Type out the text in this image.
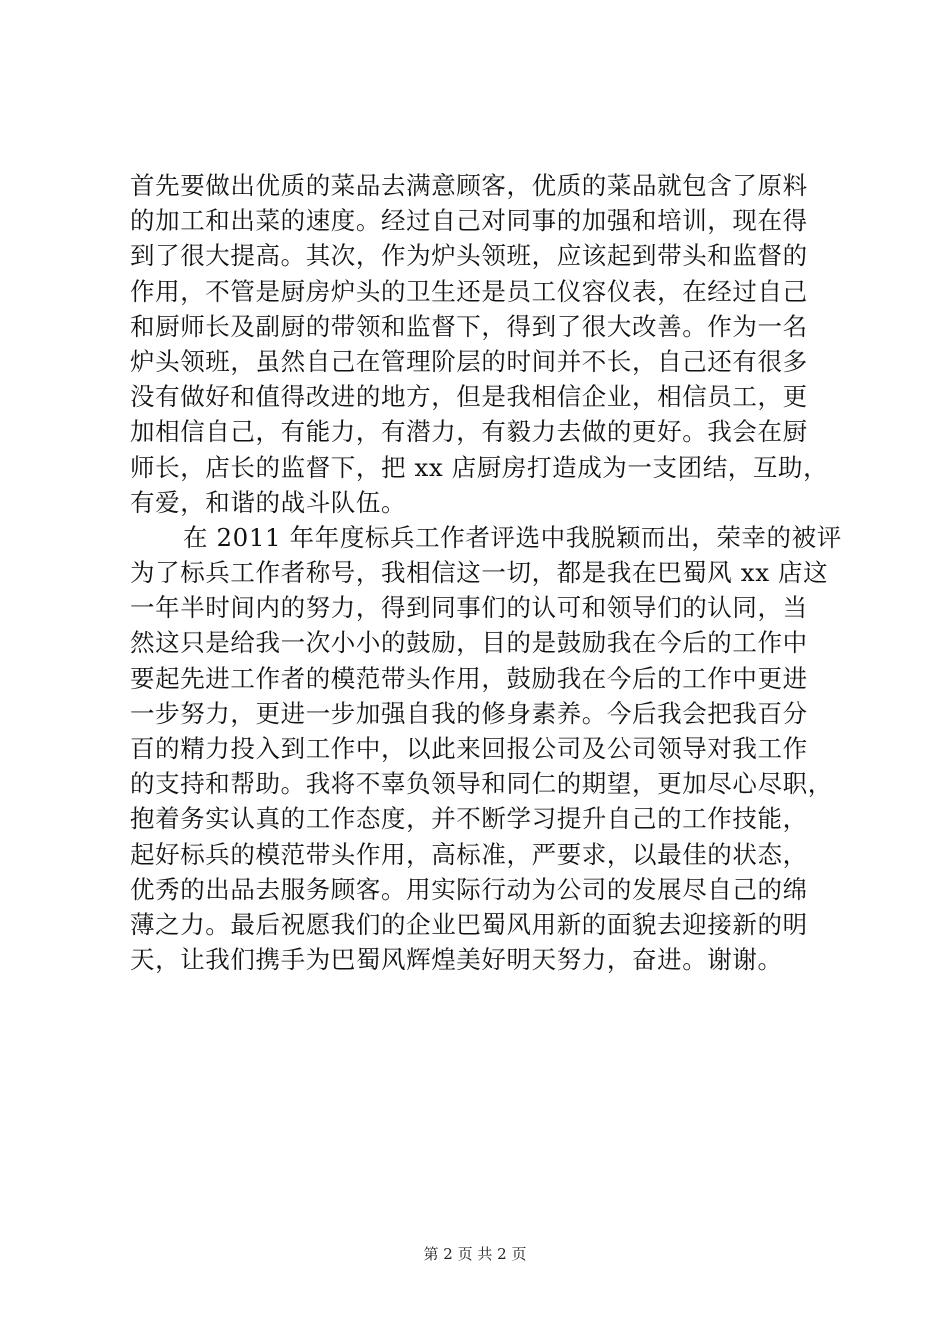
首先要做出优质的菜品去满意顾客，优质的菜品就包含了原料
的加工和出菜的速度。经过自己对同事的加强和培训，现在得
到了很大提高。其次，作为炉头领班，应该起到带头和监督的
作用，不管是厨房炉头的卫生还是员工仪容仪表，在经过自己
和厨师长及副厨的带领和监督下，得到了很大改善。作为一名
炉头领班，虽然自己在管理阶层的时间并不长，自己还有很多
没有做好和值得改进的地方，但是我相信企业，相信员工，更
加相信自己，有能力，有潜力，有毅力去做的更好。我会在厨
师长，店长的监督下，把 xx 店厨房打造成为一支团结，互助，
有爱，和谐的战斗队伍。
在 2011 年年度标兵工作者评选中我脱颖而出，荣幸的被评
为了标兵工作者称号，我相信这一切，都是我在巴蜀风 xx 店这
一年半时间内的努力，得到同事们的认可和领导们的认同，当
然这只是给我一次小小的鼓励，目的是鼓励我在今后的工作中
要起先进工作者的模范带头作用，鼓励我在今后的工作中更进
一步努力，更进一步加强自我的修身素养。今后我会把我百分
百的精力投入到工作中，以此来回报公司及公司领导对我工作
的支持和帮助。我将不辜负领导和同仁的期望，更加尽心尽职，
抱着务实认真的工作态度，并不断学习提升自己的工作技能，
起好标兵的模范带头作用，高标准，严要求，以最佳的状态，
优秀的出品去服务顾客。用实际行动为公司的发展尽自己的绵
薄之力。最后祝愿我们的企业巴蜀风用新的面貌去迎接新的明
天，让我们携手为巴蜀风辉煌美好明天努力，奋进。谢谢。
第 2 页 共 2 页
